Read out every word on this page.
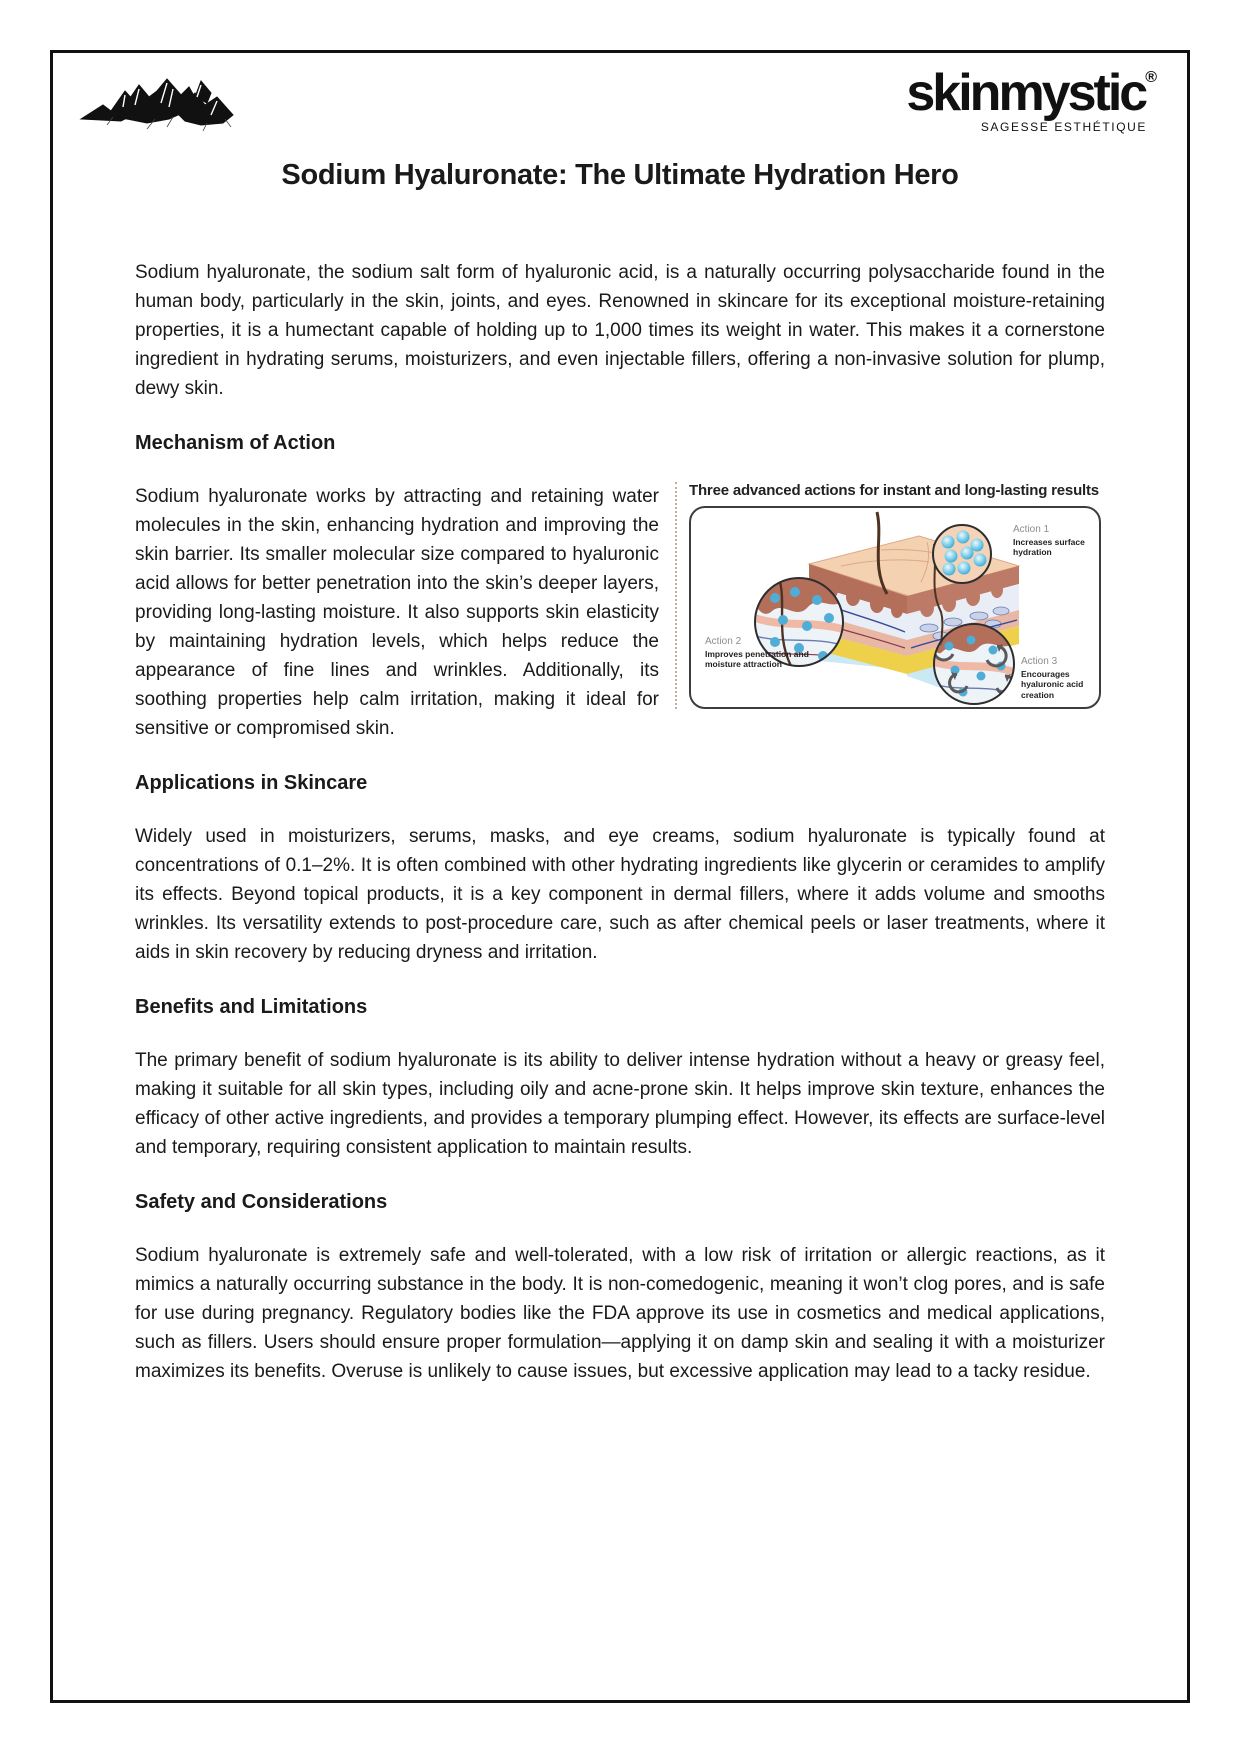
skinmystic®
SAGESSE ESTHÉTIQUE
Sodium Hyaluronate: The Ultimate Hydration Hero

Sodium hyaluronate, the sodium salt form of hyaluronic acid, is a naturally occurring polysaccharide found in the human body, particularly in the skin, joints, and eyes. Renowned in skincare for its exceptional moisture-retaining properties, it is a humectant capable of holding up to 1,000 times its weight in water. This makes it a cornerstone ingredient in hydrating serums, moisturizers, and even injectable fillers, offering a non-invasive solution for plump, dewy skin.

Mechanism of Action
Three advanced actions for instant and long-lasting results
Action 1
Increases surface hydration
Action 2
Improves penetration and moisture attraction	Action 3
Encourages hyaluronic acid creation

Sodium hyaluronate works by attracting and retaining water molecules in the skin, enhancing hydration and improving the skin barrier. Its smaller molecular size compared to hyaluronic acid allows for better penetration into the skin’s deeper layers, providing long-lasting moisture. It also supports skin elasticity by maintaining hydration levels, which helps reduce the appearance of fine lines and wrinkles. Additionally, its soothing properties help calm irritation, making it ideal for sensitive or compromised skin.

Applications in Skincare

Widely used in moisturizers, serums, masks, and eye creams, sodium hyaluronate is typically found at concentrations of 0.1–2%. It is often combined with other hydrating ingredients like glycerin or ceramides to amplify its effects. Beyond topical products, it is a key component in dermal fillers, where it adds volume and smooths wrinkles. Its versatility extends to post-procedure care, such as after chemical peels or laser treatments, where it aids in skin recovery by reducing dryness and irritation.

Benefits and Limitations

The primary benefit of sodium hyaluronate is its ability to deliver intense hydration without a heavy or greasy feel, making it suitable for all skin types, including oily and acne-prone skin. It helps improve skin texture, enhances the efficacy of other active ingredients, and provides a temporary plumping effect. However, its effects are surface-level and temporary, requiring consistent application to maintain results.

Safety and Considerations

Sodium hyaluronate is extremely safe and well-tolerated, with a low risk of irritation or allergic reactions, as it mimics a naturally occurring substance in the body. It is non-comedogenic, meaning it won’t clog pores, and is safe for use during pregnancy. Regulatory bodies like the FDA approve its use in cosmetics and medical applications, such as fillers. Users should ensure proper formulation—applying it on damp skin and sealing it with a moisturizer maximizes its benefits. Overuse is unlikely to cause issues, but excessive application may lead to a tacky residue.
